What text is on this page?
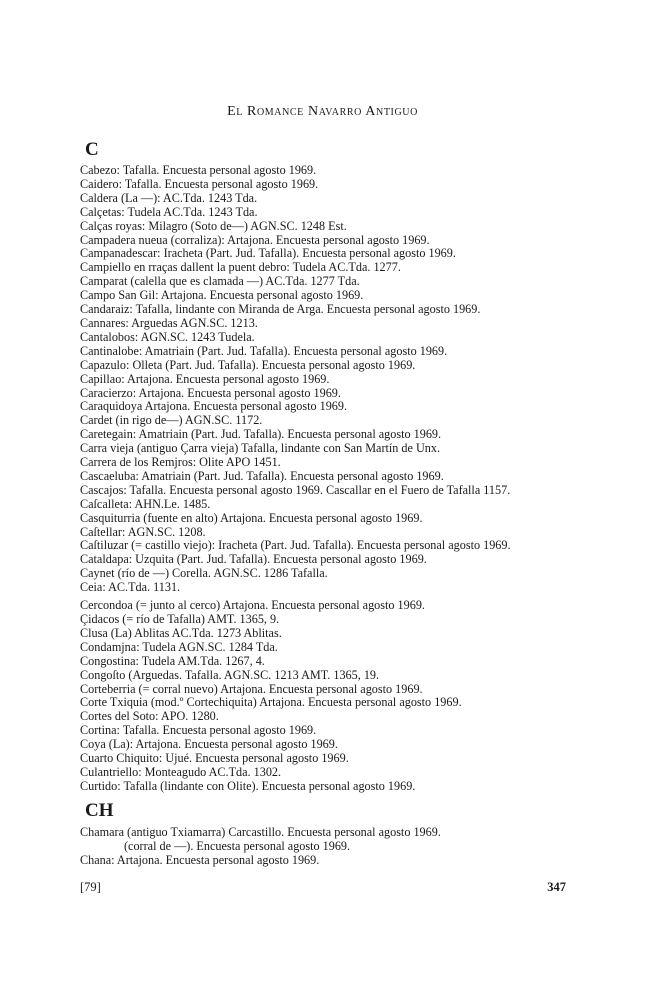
El Romance Navarro Antiguo
C

Cabezo: Tafalla. Encuesta personal agosto 1969.

Caidero: Tafalla. Encuesta personal agosto 1969.

Caldera (La —): AC.Tda. 1243 Tda.

Calçetas: Tudela AC.Tda. 1243 Tda.

Calças royas: Milagro (Soto de—) AGN.SC. 1248 Est.

Campadera nueua (corraliza): Artajona. Encuesta personal agosto 1969.

Campanadescar: Iracheta (Part. Jud. Tafalla). Encuesta personal agosto 1969.

Campiello en rraças dallent la puent debro: Tudela AC.Tda. 1277.

Camparat (calella que es clamada —) AC.Tda. 1277 Tda.

Campo San Gil: Artajona. Encuesta personal agosto 1969.

Candaraiz: Tafalla, lindante con Miranda de Arga. Encuesta personal agosto 1969.

Cannares: Arguedas AGN.SC. 1213.

Cantalobos: AGN.SC. 1243 Tudela.

Cantinalobe: Amatriain (Part. Jud. Tafalla). Encuesta personal agosto 1969.

Capazulo: Olleta (Part. Jud. Tafalla). Encuesta personal agosto 1969.

Capillao: Artajona. Encuesta personal agosto 1969.

Caracierzo: Artajona. Encuesta personal agosto 1969.

Caraquidoya Artajona. Encuesta personal agosto 1969.

Cardet (in rigo de—) AGN.SC. 1172.

Caretegain: Amatriain (Part. Jud. Tafalla). Encuesta personal agosto 1969.

Carra vieja (antiguo Çarra vieja) Tafalla, lindante con San Martín de Unx.

Carrera de los Remjros: Olite APO 1451.

Cascaeluba: Amatriain (Part. Jud. Tafalla). Encuesta personal agosto 1969.

Cascajos: Tafalla. Encuesta personal agosto 1969. Cascallar en el Fuero de Tafalla 1157.

Caſcalleta: AHN.Le. 1485.

Casquiturria (fuente en alto) Artajona. Encuesta personal agosto 1969.

Caſtellar: AGN.SC. 1208.

Caſtiluzar (= castillo viejo): Iracheta (Part. Jud. Tafalla). Encuesta personal agosto 1969.

Cataldapa: Uzquita (Part. Jud. Tafalla). Encuesta personal agosto 1969.

Caynet (río de —) Corella. AGN.SC. 1286 Tafalla.

Ceia: AC.Tda. 1131.

Cercondoa (= junto al cerco) Artajona. Encuesta personal agosto 1969.

Çidacos (= río de Tafalla) AMT. 1365, 9.

Clusa (La) Ablitas AC.Tda. 1273 Ablitas.

Condamjna: Tudela AGN.SC. 1284 Tda.

Congostina: Tudela AM.Tda. 1267, 4.

Congoſto (Arguedas. Tafalla. AGN.SC. 1213 AMT. 1365, 19.

Corteberria (= corral nuevo) Artajona. Encuesta personal agosto 1969.

Corte Txiquia (mod.º Cortechiquita) Artajona. Encuesta personal agosto 1969.

Cortes del Soto: APO. 1280.

Cortina: Tafalla. Encuesta personal agosto 1969.

Coya (La): Artajona. Encuesta personal agosto 1969.

Cuarto Chiquito: Ujué. Encuesta personal agosto 1969.

Culantriello: Monteagudo AC.Tda. 1302.

Curtido: Tafalla (lindante con Olite). Encuesta personal agosto 1969.

CH

Chamara (antiguo Txiamarra) Carcastillo. Encuesta personal agosto 1969.

(corral de —). Encuesta personal agosto 1969.

Chana: Artajona. Encuesta personal agosto 1969.

[79]	347
